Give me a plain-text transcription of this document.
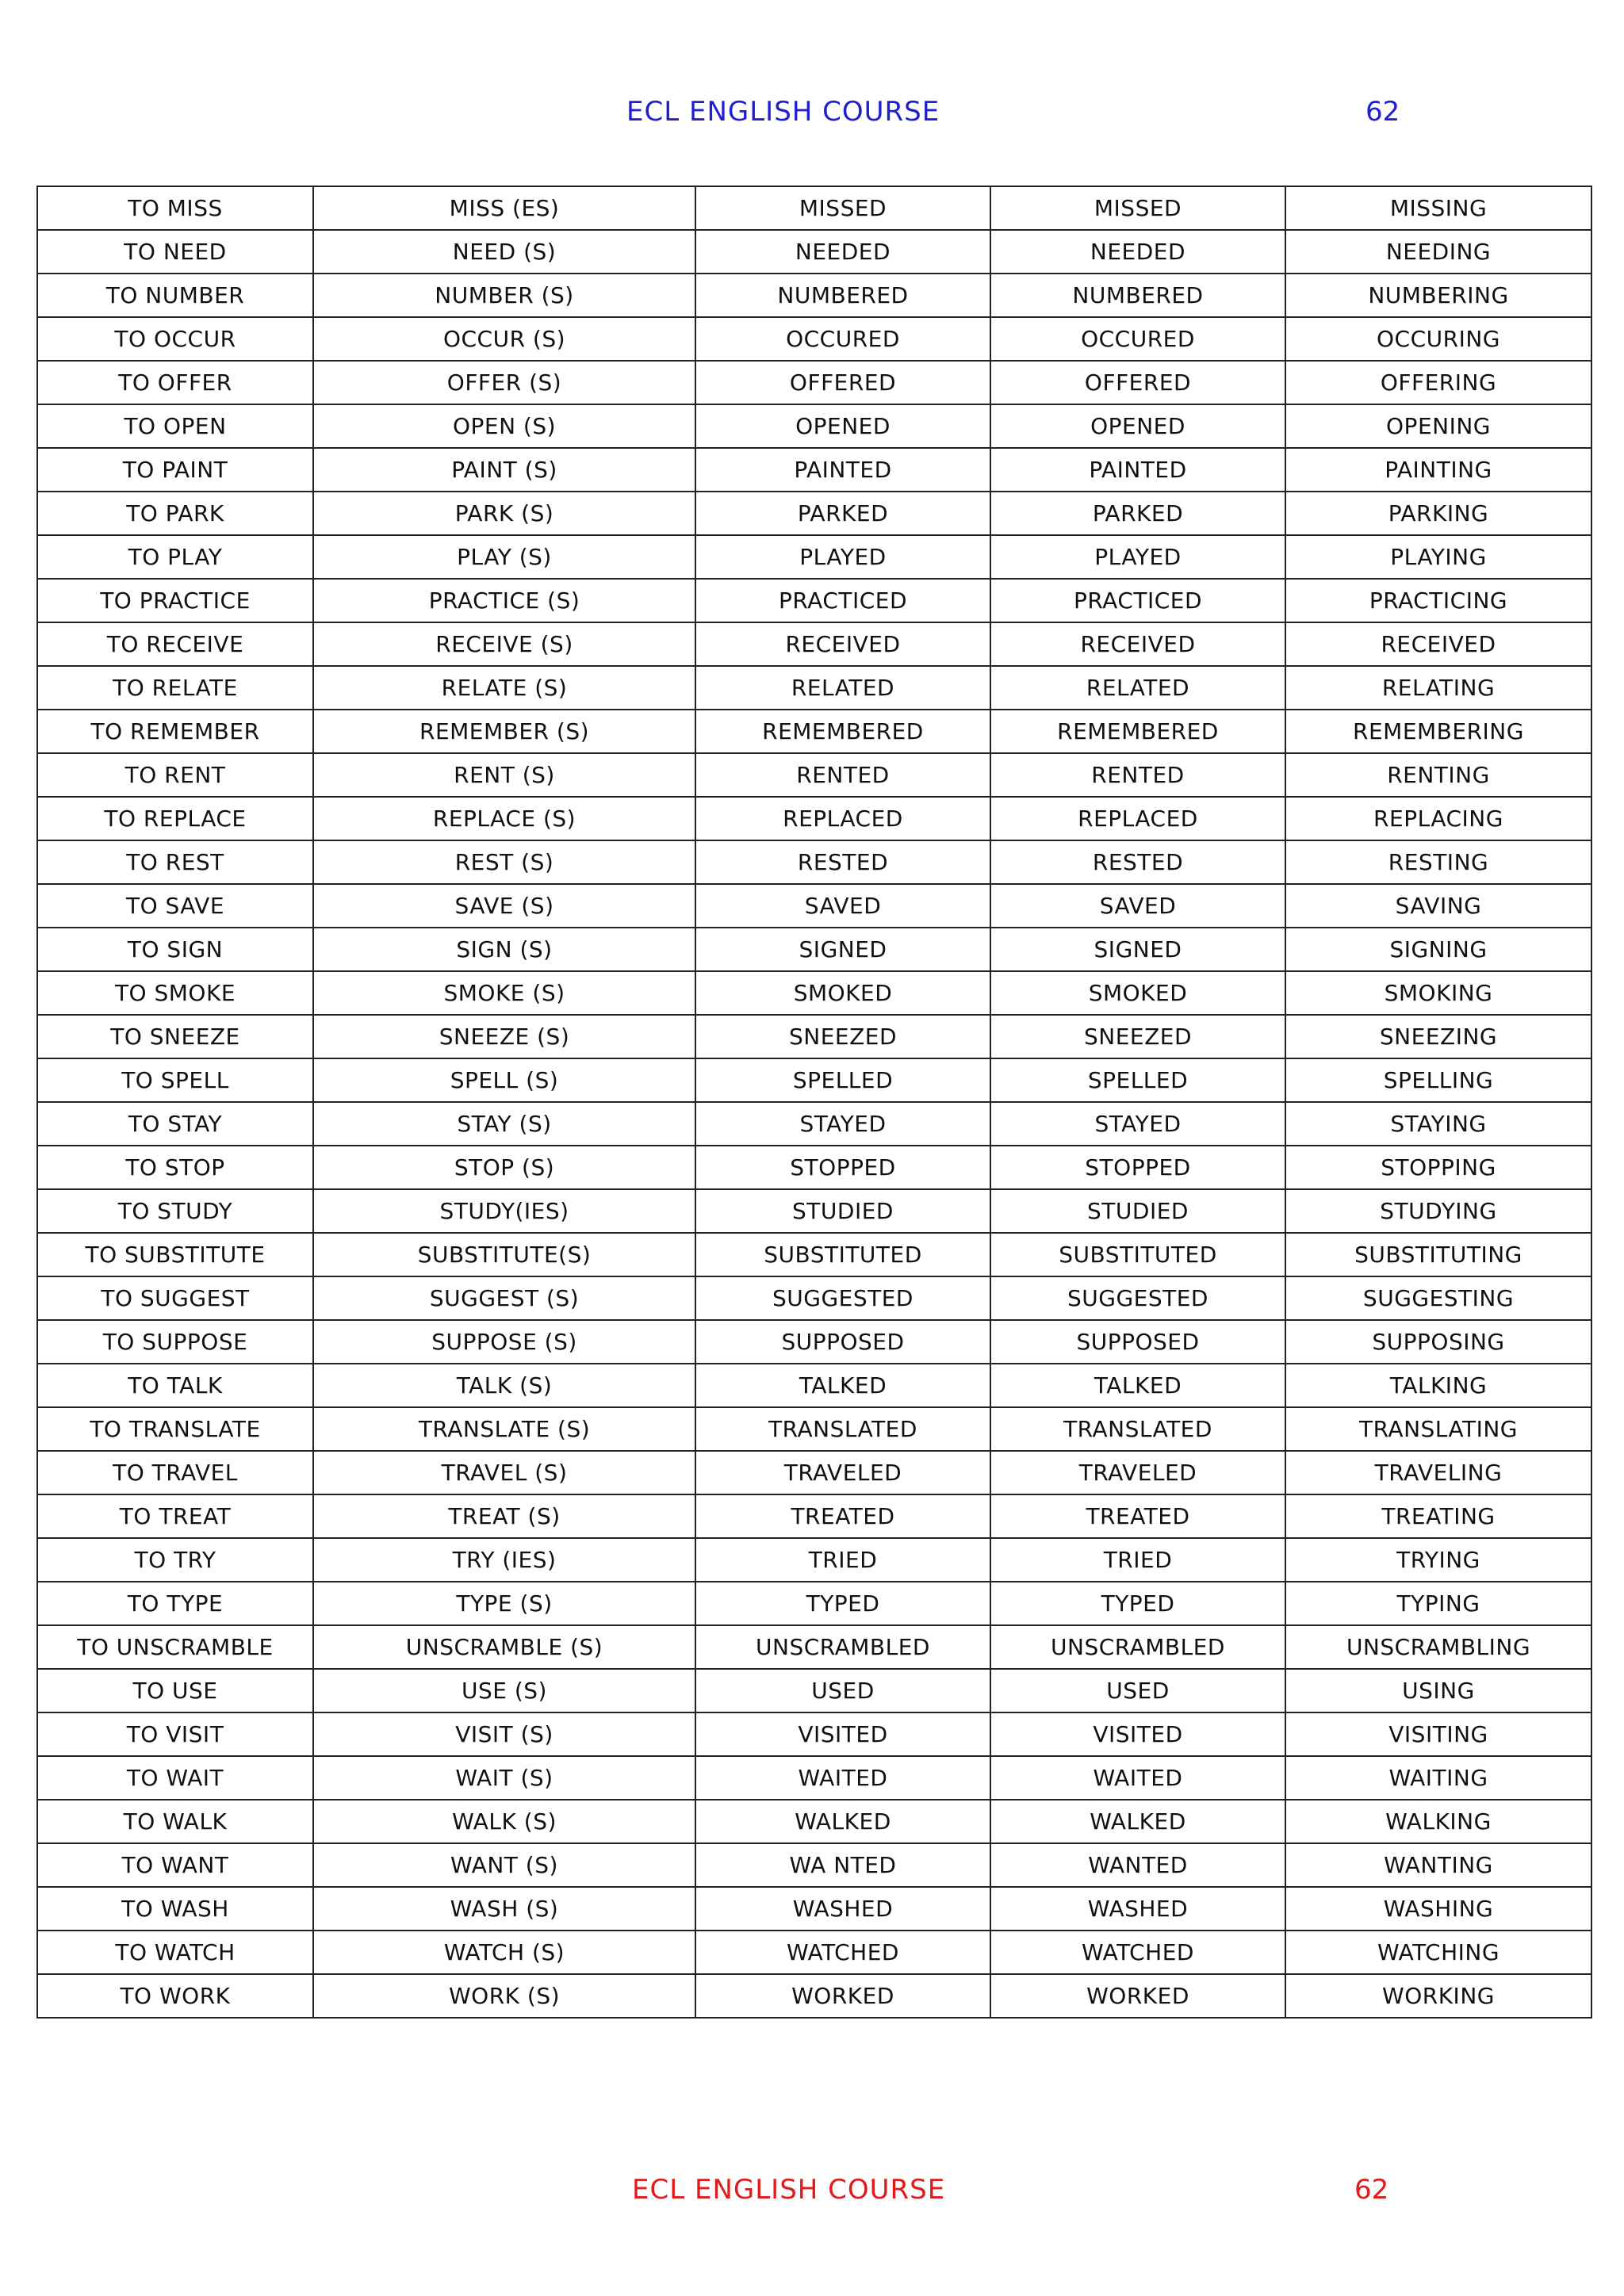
ECL ENGLISH COURSE	62
TO MISS	MISS (ES)	MISSED	MISSED	MISSING
TO NEED	NEED (S)	NEEDED	NEEDED	NEEDING
TO NUMBER	NUMBER (S)	NUMBERED	NUMBERED	NUMBERING
TO OCCUR	OCCUR (S)	OCCURED	OCCURED	OCCURING
TO OFFER	OFFER (S)	OFFERED	OFFERED	OFFERING
TO OPEN	OPEN (S)	OPENED	OPENED	OPENING
TO PAINT	PAINT (S)	PAINTED	PAINTED	PAINTING
TO PARK	PARK (S)	PARKED	PARKED	PARKING
TO PLAY	PLAY (S)	PLAYED	PLAYED	PLAYING
TO PRACTICE	PRACTICE (S)	PRACTICED	PRACTICED	PRACTICING
TO RECEIVE	RECEIVE (S)	RECEIVED	RECEIVED	RECEIVED
TO RELATE	RELATE (S)	RELATED	RELATED	RELATING
TO REMEMBER	REMEMBER (S)	REMEMBERED	REMEMBERED	REMEMBERING
TO RENT	RENT (S)	RENTED	RENTED	RENTING
TO REPLACE	REPLACE (S)	REPLACED	REPLACED	REPLACING
TO REST	REST (S)	RESTED	RESTED	RESTING
TO SAVE	SAVE (S)	SAVED	SAVED	SAVING
TO SIGN	SIGN (S)	SIGNED	SIGNED	SIGNING
TO SMOKE	SMOKE (S)	SMOKED	SMOKED	SMOKING
TO SNEEZE	SNEEZE (S)	SNEEZED	SNEEZED	SNEEZING
TO SPELL	SPELL (S)	SPELLED	SPELLED	SPELLING
TO STAY	STAY (S)	STAYED	STAYED	STAYING
TO STOP	STOP (S)	STOPPED	STOPPED	STOPPING
TO STUDY	STUDY(IES)	STUDIED	STUDIED	STUDYING
TO SUBSTITUTE	SUBSTITUTE(S)	SUBSTITUTED	SUBSTITUTED	SUBSTITUTING
TO SUGGEST	SUGGEST (S)	SUGGESTED	SUGGESTED	SUGGESTING
TO SUPPOSE	SUPPOSE (S)	SUPPOSED	SUPPOSED	SUPPOSING
TO TALK	TALK (S)	TALKED	TALKED	TALKING
TO TRANSLATE	TRANSLATE (S)	TRANSLATED	TRANSLATED	TRANSLATING
TO TRAVEL	TRAVEL (S)	TRAVELED	TRAVELED	TRAVELING
TO TREAT	TREAT (S)	TREATED	TREATED	TREATING
TO TRY	TRY (IES)	TRIED	TRIED	TRYING
TO TYPE	TYPE (S)	TYPED	TYPED	TYPING
TO UNSCRAMBLE	UNSCRAMBLE (S)	UNSCRAMBLED	UNSCRAMBLED	UNSCRAMBLING
TO USE	USE (S)	USED	USED	USING
TO VISIT	VISIT (S)	VISITED	VISITED	VISITING
TO WAIT	WAIT (S)	WAITED	WAITED	WAITING
TO WALK	WALK (S)	WALKED	WALKED	WALKING
TO WANT	WANT (S)	WA NTED	WANTED	WANTING
TO WASH	WASH (S)	WASHED	WASHED	WASHING
TO WATCH	WATCH (S)	WATCHED	WATCHED	WATCHING
TO WORK	WORK (S)	WORKED	WORKED	WORKING
ECL ENGLISH COURSE	62
